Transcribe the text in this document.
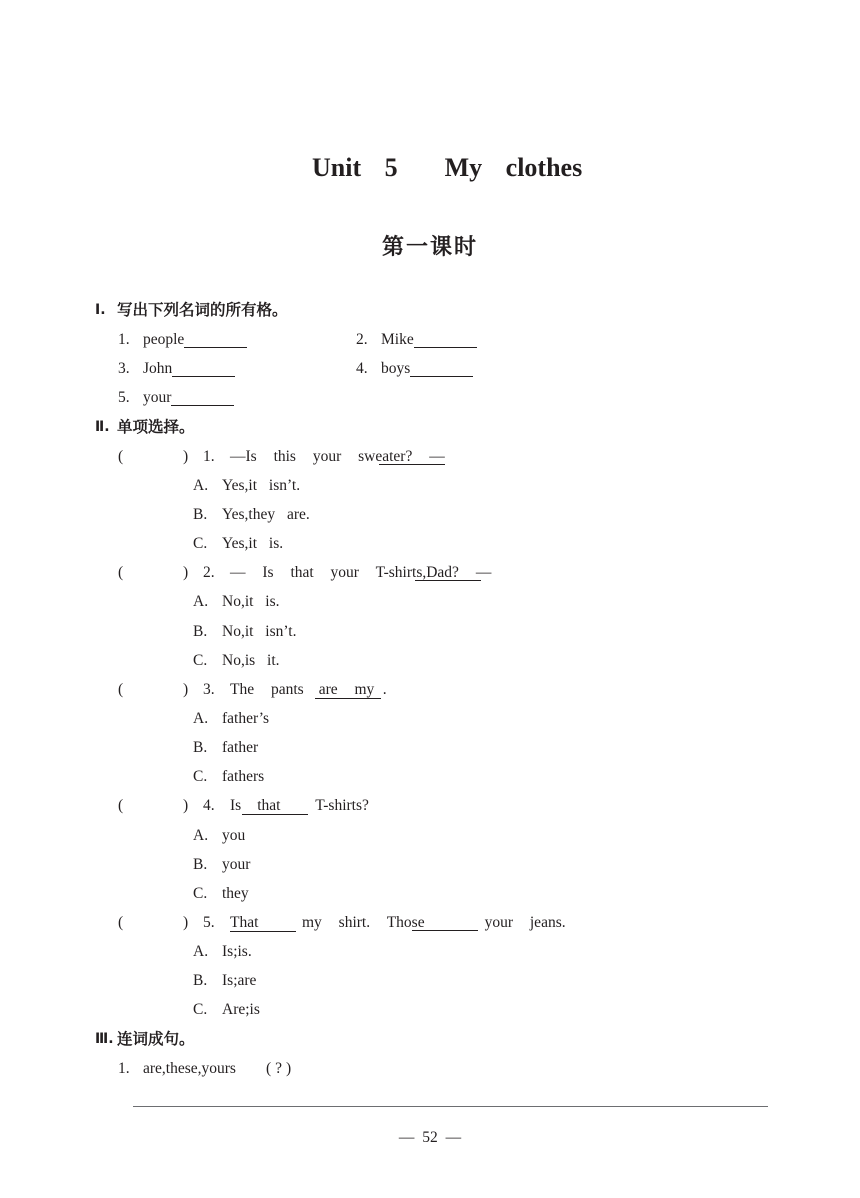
Unit 5 My clothes
第一课时
Ⅰ. 写出下列名词的所有格。
1. people	2. Mike
3. John	4. boys
5. your
Ⅱ. 单项选择。
(	) 1. —Is this your sweater? —
A. Yes,it isn’t.
B. Yes,they are.
C. Yes,it is.
(	) 2. — Is that your T-shirts,Dad? —
A. No,it is.
B. No,it isn’t.
C. No,is it.
(	) 3. The pants are my .
A. father’s
B. father
C. fathers
(	) 4. Is that T-shirts?
A. you
B. your
C. they
(	) 5. That	my shirt. Those	your jeans.
A. Is;is.
B. Is;are
C. Are;is
Ⅲ. 连词成句。
1. are,these,yours (?)
— 52 —
